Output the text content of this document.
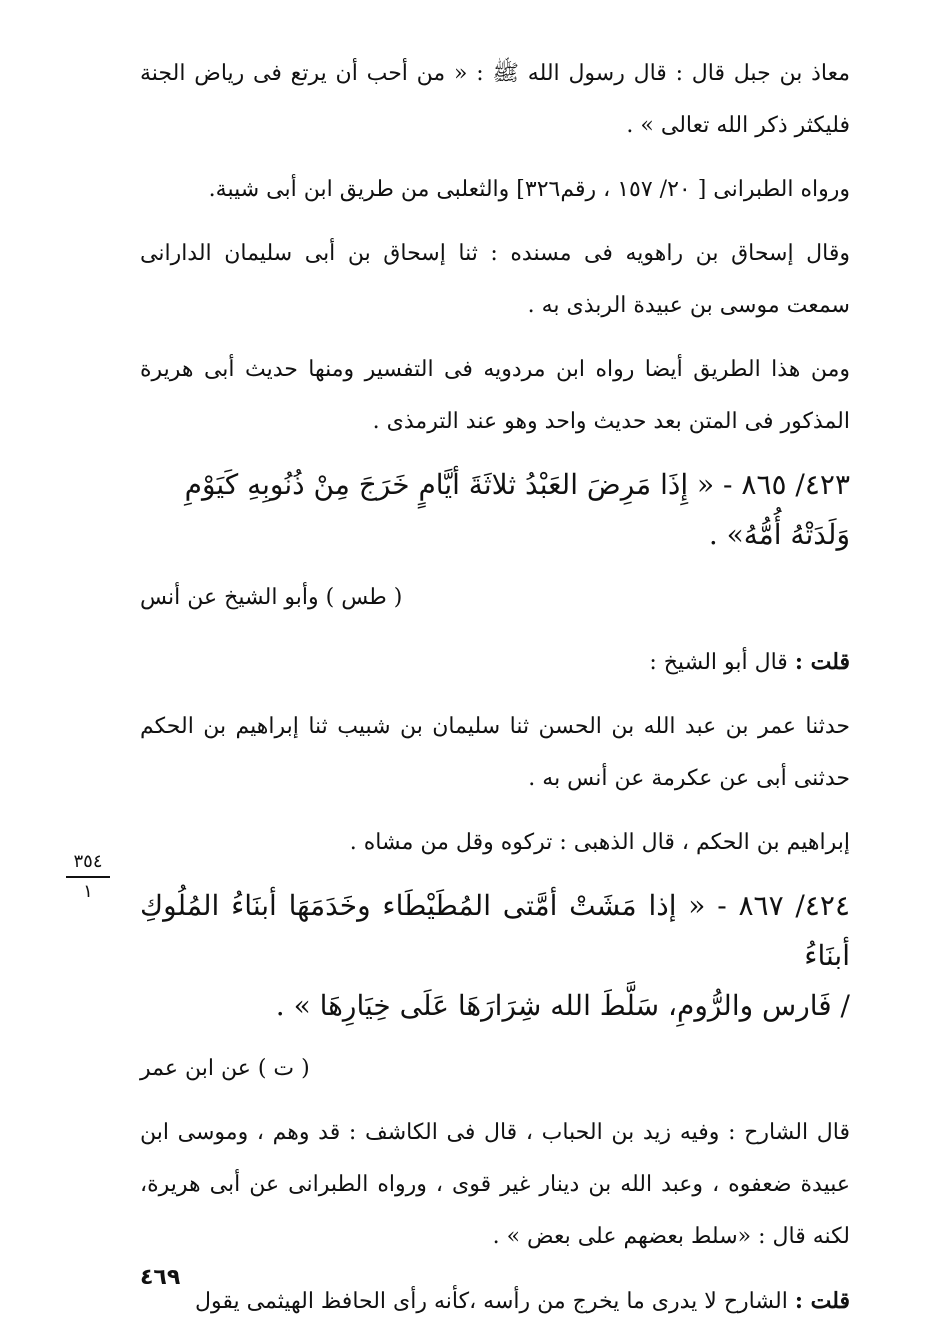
معاذ بن جبل قال : قال رسول الله ﷺ : « من أحب أن يرتع فى رياض الجنة فليكثر ذكر الله تعالى » .

ورواه الطبرانى [ ٢٠/ ١٥٧ ، رقم٣٢٦] والثعلبى من طريق ابن أبى شيبة.

وقال إسحاق بن راهويه فى مسنده : ثنا إسحاق بن أبى سليمان الدارانى سمعت موسى بن عبيدة الربذى به .

ومن هذا الطريق أيضا رواه ابن مردويه فى التفسير ومنها حديث أبى هريرة المذكور فى المتن بعد حديث واحد وهو عند الترمذى .

٤٢٣/ ٨٦٥ - « إِذَا مَرِضَ العَبْدُ ثلاثَةَ أيَّامٍ خَرَجَ مِنْ ذُنُوبِهِ كَيَوْمِ
وَلَدَتْهُ أُمُّهُ» .
( طس ) وأبو الشيخ عن أنس

قلت : قال أبو الشيخ :

حدثنا عمر بن عبد الله بن الحسن ثنا سليمان بن شبيب ثنا إبراهيم بن الحكم حدثنى أبى عن عكرمة عن أنس به .

إبراهيم بن الحكم ، قال الذهبى : تركوه وقل من مشاه .

٤٢٤/ ٨٦٧ - « إذا مَشَتْ أمَّتى المُطَيْطَاء وخَدَمَهَا أبنَاءُ المُلُوكِ أبنَاءُ
/ فَارس والرُّومِ، سَلَّطَ الله شِرَارَهَا عَلَى خِيَارِهَا » .
( ت ) عن ابن عمر

قال الشارح : وفيه زيد بن الحباب ، قال فى الكاشف : قد وهم ، وموسى ابن عبيدة ضعفوه ، وعبد الله بن دينار غير قوى ، ورواه الطبرانى عن أبى هريرة، لكنه قال : «سلط بعضهم على بعض » .

قلت : الشارح لا يدرى ما يخرج من رأسه ،كأنه رأى الحافظ الهيثمى يقول

٣٥٤
١
٤٦٩
